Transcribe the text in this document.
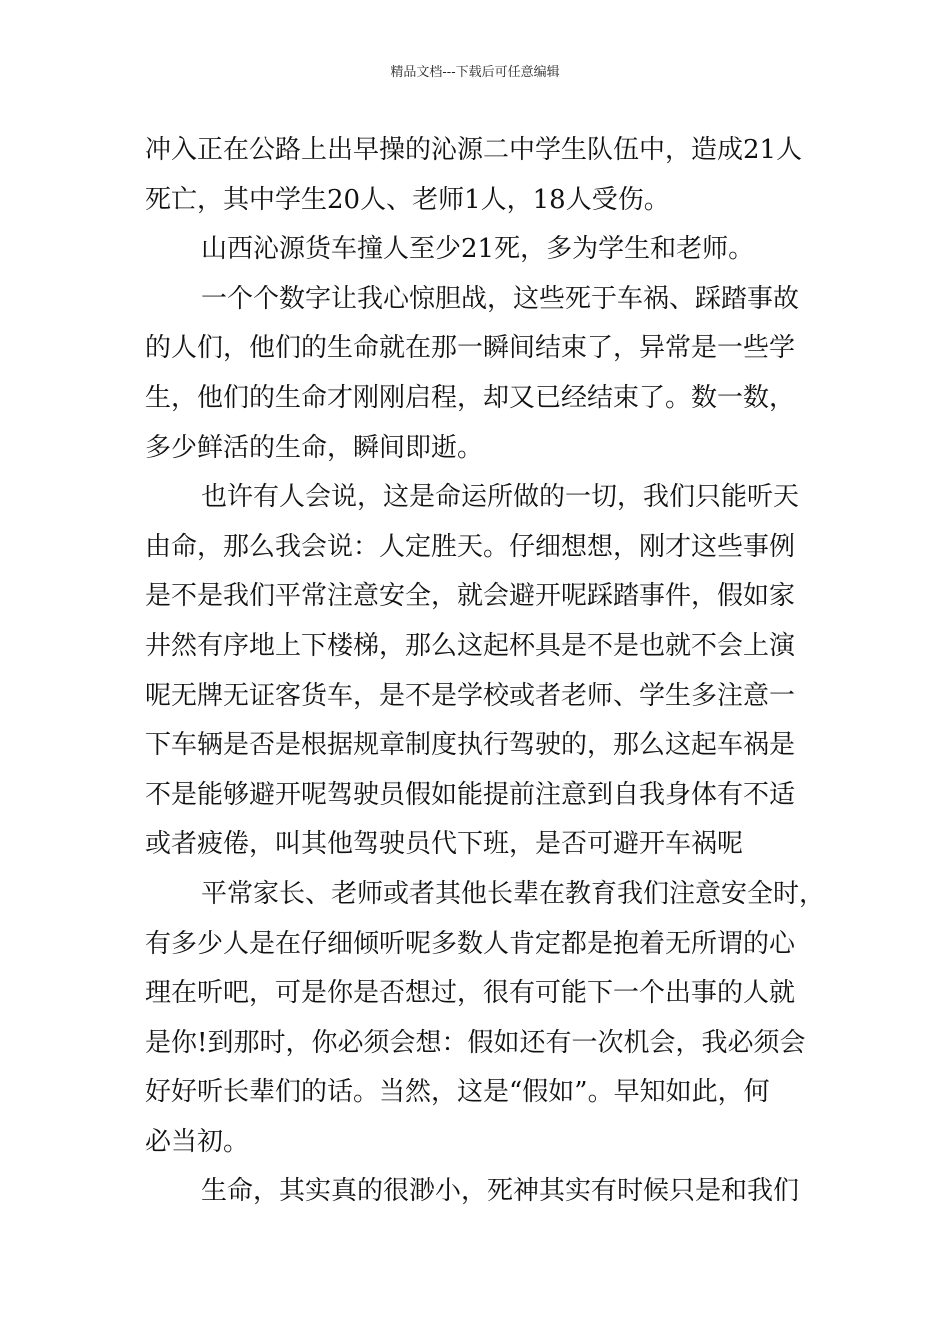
精品文档---下载后可任意编辑
冲入正在公路上出早操的沁源二中学生队伍中，造成21人
死亡，其中学生20人、老师1人，18人受伤。
山西沁源货车撞人至少21死，多为学生和老师。
一个个数字让我心惊胆战，这些死于车祸、踩踏事故
的人们，他们的生命就在那一瞬间结束了，异常是一些学
生，他们的生命才刚刚启程，却又已经结束了。数一数，
多少鲜活的生命，瞬间即逝。
也许有人会说，这是命运所做的一切，我们只能听天
由命，那么我会说：人定胜天。仔细想想，刚才这些事例
是不是我们平常注意安全，就会避开呢踩踏事件，假如家
井然有序地上下楼梯，那么这起杯具是不是也就不会上演
呢无牌无证客货车，是不是学校或者老师、学生多注意一
下车辆是否是根据规章制度执行驾驶的，那么这起车祸是
不是能够避开呢驾驶员假如能提前注意到自我身体有不适
或者疲倦，叫其他驾驶员代下班，是否可避开车祸呢
平常家长、老师或者其他长辈在教育我们注意安全时，
有多少人是在仔细倾听呢多数人肯定都是抱着无所谓的心
理在听吧，可是你是否想过，很有可能下一个出事的人就
是你!到那时，你必须会想：假如还有一次机会，我必须会
好好听长辈们的话。当然，这是“假如”。早知如此，何
必当初。
生命，其实真的很渺小，死神其实有时候只是和我们
